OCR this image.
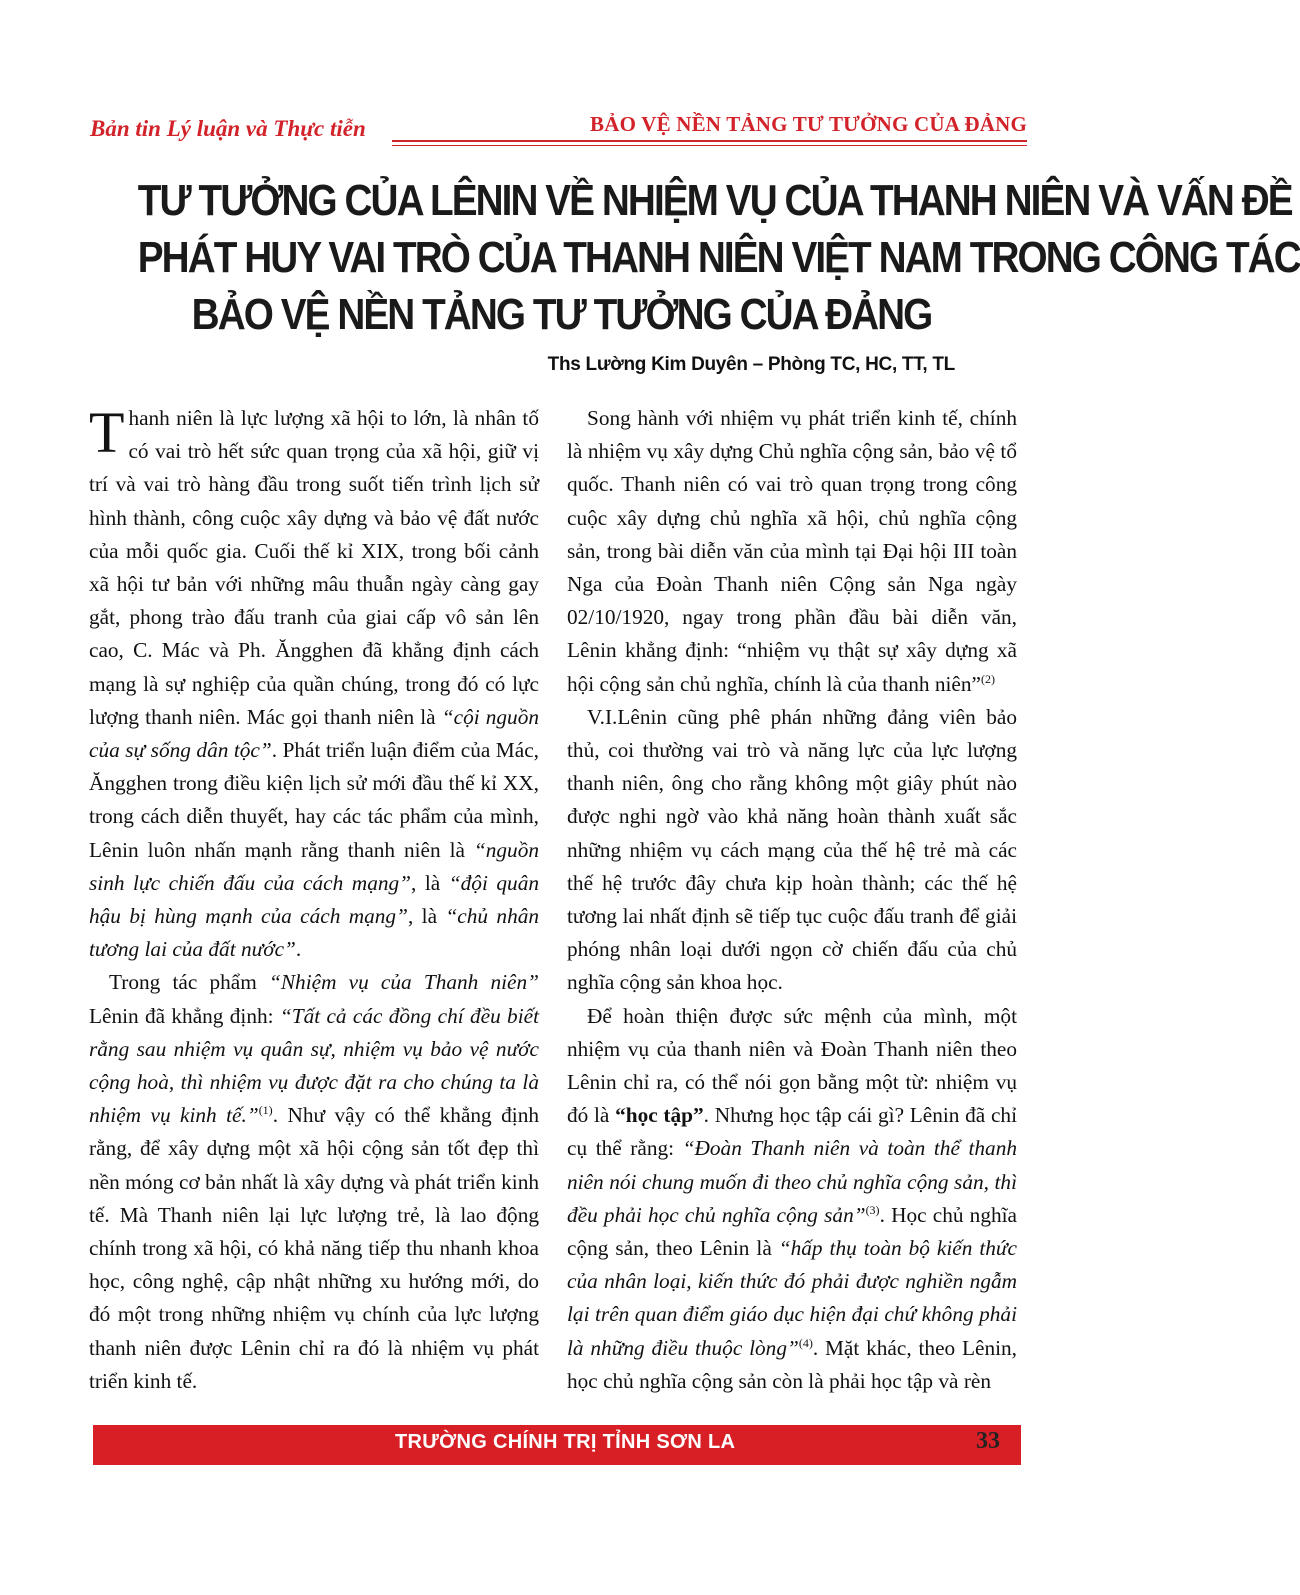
Bản tin Lý luận và Thực tiễn	BẢO VỆ NỀN TẢNG TƯ TƯỞNG CỦA ĐẢNG
TƯ TƯỞNG CỦA LÊNIN VỀ NHIỆM VỤ CỦA THANH NIÊN VÀ VẤN ĐỀ
PHÁT HUY VAI TRÒ CỦA THANH NIÊN VIỆT NAM TRONG CÔNG TÁC
BẢO VỆ NỀN TẢNG TƯ TƯỞNG CỦA ĐẢNG
Ths Lường Kim Duyên – Phòng TC, HC, TT, TL

Thanh niên là lực lượng xã hội to lớn, là nhân tố có vai trò hết sức quan trọng của xã hội, giữ vị trí và vai trò hàng đầu trong suốt tiến trình lịch sử hình thành, công cuộc xây dựng và bảo vệ đất nước của mỗi quốc gia. Cuối thế kỉ XIX, trong bối cảnh xã hội tư bản với những mâu thuẫn ngày càng gay gắt, phong trào đấu tranh của giai cấp vô sản lên cao, C. Mác và Ph. Ăngghen đã khẳng định cách mạng là sự nghiệp của quần chúng, trong đó có lực lượng thanh niên. Mác gọi thanh niên là “cội nguồn của sự sống dân tộc”. Phát triển luận điểm của Mác, Ăngghen trong điều kiện lịch sử mới đầu thế kỉ XX, trong cách diễn thuyết, hay các tác phẩm của mình, Lênin luôn nhấn mạnh rằng thanh niên là “nguồn sinh lực chiến đấu của cách mạng”, là “đội quân hậu bị hùng mạnh của cách mạng”, là “chủ nhân tương lai của đất nước”.

Trong tác phẩm “Nhiệm vụ của Thanh niên” Lênin đã khẳng định: “Tất cả các đồng chí đều biết rằng sau nhiệm vụ quân sự, nhiệm vụ bảo vệ nước cộng hoà, thì nhiệm vụ được đặt ra cho chúng ta là nhiệm vụ kinh tế.”$^{(1)}$. Như vậy có thể khẳng định rằng, để xây dựng một xã hội cộng sản tốt đẹp thì nền móng cơ bản nhất là xây dựng và phát triển kinh tế. Mà Thanh niên lại lực lượng trẻ, là lao động chính trong xã hội, có khả năng tiếp thu nhanh khoa học, công nghệ, cập nhật những xu hướng mới, do đó một trong những nhiệm vụ chính của lực lượng thanh niên được Lênin chỉ ra đó là nhiệm vụ phát triển kinh tế.

Song hành với nhiệm vụ phát triển kinh tế, chính là nhiệm vụ xây dựng Chủ nghĩa cộng sản, bảo vệ tổ quốc. Thanh niên có vai trò quan trọng trong công cuộc xây dựng chủ nghĩa xã hội, chủ nghĩa cộng sản, trong bài diễn văn của mình tại Đại hội III toàn Nga của Đoàn Thanh niên Cộng sản Nga ngày 02/10/1920, ngay trong phần đầu bài diễn văn, Lênin khẳng định: “nhiệm vụ thật sự xây dựng xã hội cộng sản chủ nghĩa, chính là của thanh niên”$^{(2)}$

V.I.Lênin cũng phê phán những đảng viên bảo thủ, coi thường vai trò và năng lực của lực lượng thanh niên, ông cho rằng không một giây phút nào được nghi ngờ vào khả năng hoàn thành xuất sắc những nhiệm vụ cách mạng của thế hệ trẻ mà các thế hệ trước đây chưa kịp hoàn thành; các thế hệ tương lai nhất định sẽ tiếp tục cuộc đấu tranh để giải phóng nhân loại dưới ngọn cờ chiến đấu của chủ nghĩa cộng sản khoa học.

Để hoàn thiện được sức mệnh của mình, một nhiệm vụ của thanh niên và Đoàn Thanh niên theo Lênin chỉ ra, có thể nói gọn bằng một từ: nhiệm vụ đó là “học tập”. Nhưng học tập cái gì? Lênin đã chỉ cụ thể rằng: “Đoàn Thanh niên và toàn thể thanh niên nói chung muốn đi theo chủ nghĩa cộng sản, thì đều phải học chủ nghĩa cộng sản”$^{(3)}$. Học chủ nghĩa cộng sản, theo Lênin là “hấp thụ toàn bộ kiến thức của nhân loại, kiến thức đó phải được nghiền ngẫm lại trên quan điểm giáo dục hiện đại chứ không phải là những điều thuộc lòng”$^{(4)}$. Mặt khác, theo Lênin, học chủ nghĩa cộng sản còn là phải học tập và rèn

TRƯỜNG CHÍNH TRỊ TỈNH SƠN LA	33
